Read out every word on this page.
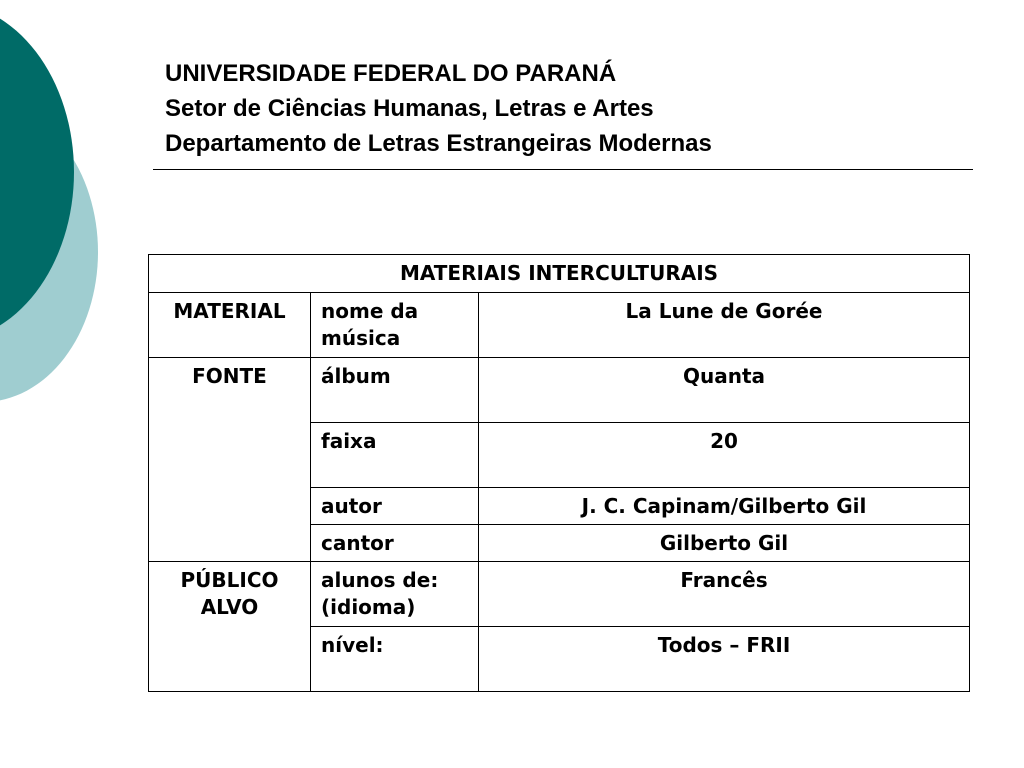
UNIVERSIDADE FEDERAL DO PARANÁ
Setor de Ciências Humanas, Letras e Artes
Departamento de Letras Estrangeiras Modernas
MATERIAIS INTERCULTURAIS		
MATERIAL	nome da música	La Lune de Gorée
FONTE	álbum	Quanta
	faixa	20
	autor	J. C. Capinam/Gilberto Gil
	cantor	Gilberto Gil
PÚBLICO ALVO	alunos de: (idioma)	Francês
	nível:	Todos – FRII
